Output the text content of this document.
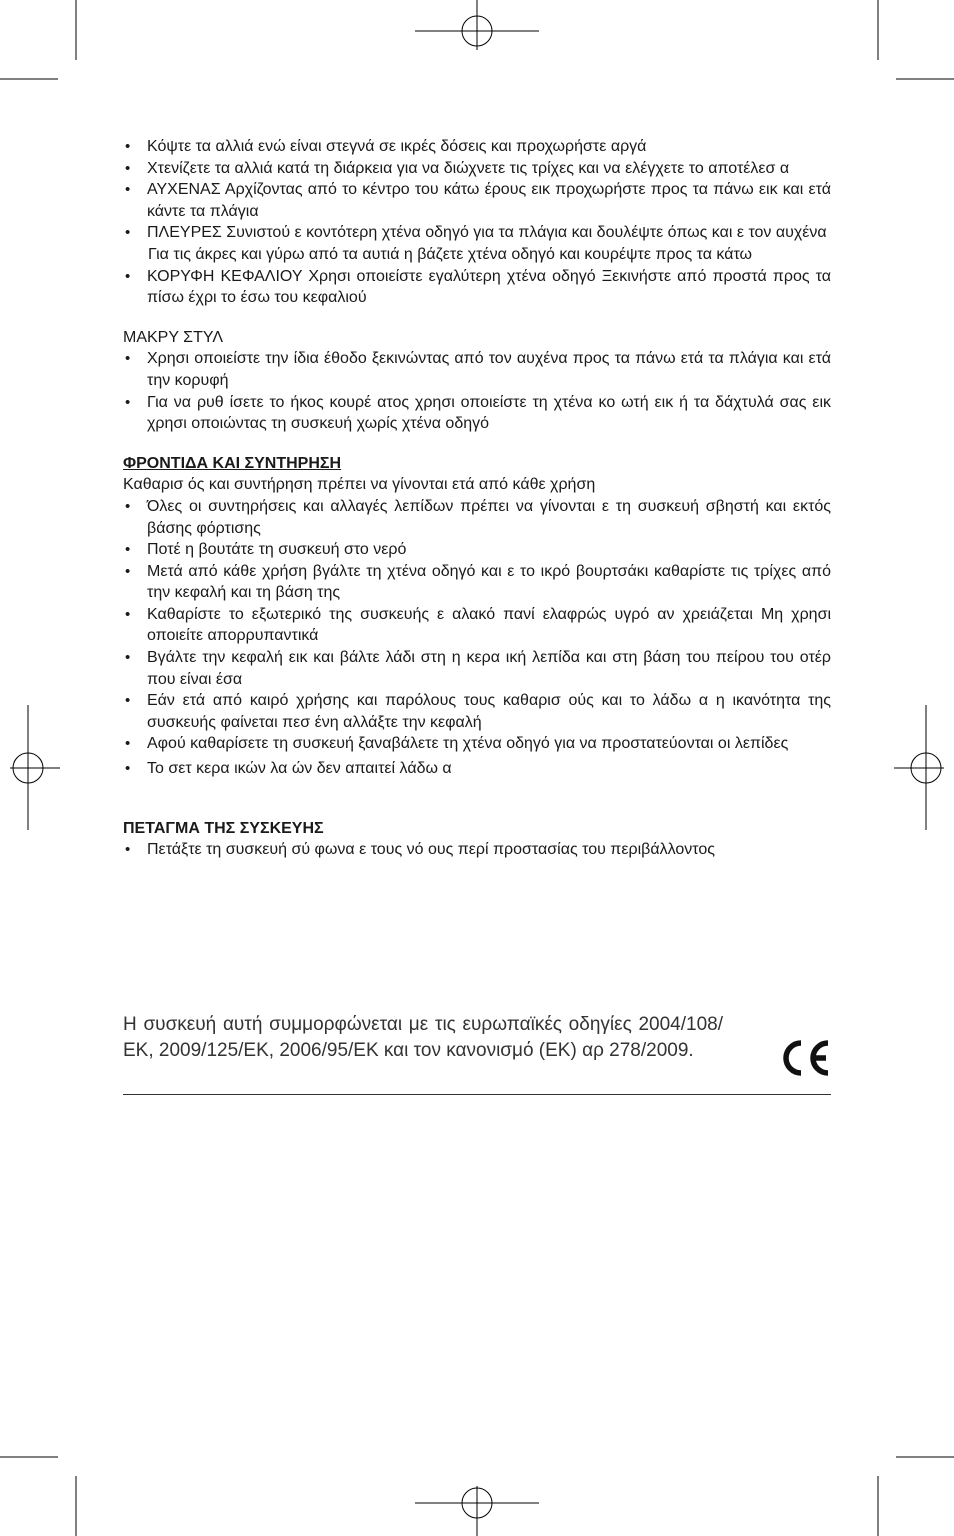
• Κόψτε τα αλλιά ενώ είναι στεγνά σε ικρές δόσεις και προχωρήστε αργά
• Χτενίζετε τα αλλιά κατά τη διάρκεια για να διώχνετε τις τρίχες και να ελέγχετε το αποτέλεσ α
• ΑΥΧΕΝΑΣ Αρχίζοντας από το κέντρο του κάτω έρους εικ προχωρήστε προς τα πάνω εικ και ετά κάντε τα πλάγια
• ΠΛΕΥΡΕΣ Συνιστού ε κοντότερη χτένα οδηγό για τα πλάγια και δουλέψτε όπως και ε τον αυχένα
Για τις άκρες και γύρω από τα αυτιά η βάζετε χτένα οδηγό και κουρέψτε προς τα κάτω
• ΚΟΡΥΦΗ ΚΕΦΑΛΙΟΥ Χρησι οποιείστε εγαλύτερη χτένα οδηγό Ξεκινήστε από προστά προς τα πίσω έχρι το έσω του κεφαλιού

ΜΑΚΡΥ ΣΤΥΛ

• Χρησι οποιείστε την ίδια έθοδο ξεκινώντας από τον αυχένα προς τα πάνω ετά τα πλάγια και ετά την κορυφή
• Για να ρυθ ίσετε το ήκος κουρέ ατος χρησι οποιείστε τη χτένα κο ωτή εικ ή τα δάχτυλά σας εικ χρησι οποιώντας τη συσκευή χωρίς χτένα οδηγό

ΦΡΟΝΤΙΔΑ ΚΑΙ ΣΥΝΤΗΡΗΣΗ

Καθαρισ ός και συντήρηση πρέπει να γίνονται ετά από κάθε χρήση

• Όλες οι συντηρήσεις και αλλαγές λεπίδων πρέπει να γίνονται ε τη συσκευή σβηστή και εκτός βάσης φόρτισης
• Ποτέ η βουτάτε τη συσκευή στο νερό
• Μετά από κάθε χρήση βγάλτε τη χτένα οδηγό και ε το ικρό βουρτσάκι καθαρίστε τις τρίχες από την κεφαλή και τη βάση της
• Καθαρίστε το εξωτερικό της συσκευής ε αλακό πανί ελαφρώς υγρό αν χρειάζεται Μη χρησι οποιείτε απορρυπαντικά
• Βγάλτε την κεφαλή εικ και βάλτε λάδι στη η κερα ική λεπίδα και στη βάση του πείρου του οτέρ που είναι έσα
• Εάν ετά από καιρό χρήσης και παρόλους τους καθαρισ ούς και το λάδω α η ικανότητα της συσκευής φαίνεται πεσ ένη αλλάξτε την κεφαλή
• Αφού καθαρίσετε τη συσκευή ξαναβάλετε τη χτένα οδηγό για να προστατεύονται οι λεπίδες
• Το σετ κερα ικών λα ών δεν απαιτεί λάδω α

ΠΕΤΑΓΜΑ ΤΗΣ ΣΥΣΚΕΥΗΣ

• Πετάξτε τη συσκευή σύ φωνα ε τους νό ους περί προστασίας του περιβάλλοντος
Η συσκευή αυτή συμμορφώνεται με τις ευρωπαϊκές οδηγίες 2004/108/ΕΚ, 2009/125/ΕΚ, 2006/95/ΕΚ και τον κανονισμό (ΕΚ) αρ 278/2009.
